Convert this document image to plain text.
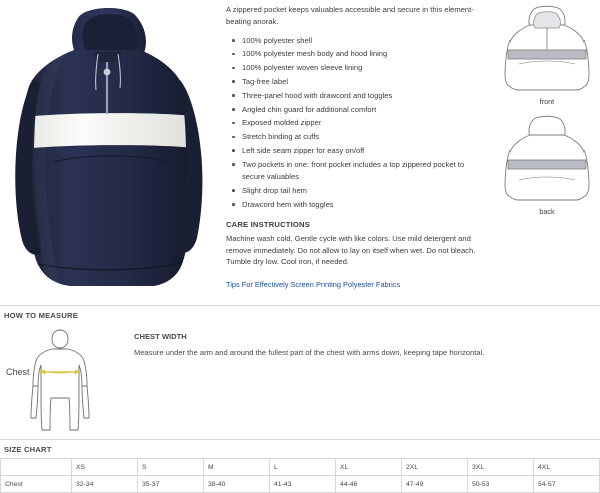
A zippered pocket keeps valuables accessible and secure in this element-beating anorak.

100% polyester shell
100% polyester mesh body and hood lining
100% polyester woven sleeve lining
Tag-free label
Three-panel hood with drawcord and toggles
Angled chin guard for additional comfort
Exposed molded zipper
Stretch binding at cuffs
Left side seam zipper for easy on/off
Two pockets in one: front pocket includes a top zippered pocket to secure valuables
Slight drop tail hem
Drawcord hem with toggles
CARE INSTRUCTIONS

Machine wash cold. Gentle cycle with like colors. Use mild detergent and remove immediately. Do not allow to lay on itself when wet. Do not bleach. Tumble dry low. Cool iron, if needed.

Tips For Effectively Screen Printing Polyester Fabrics
front
back
HOW TO MEASURE
Chest
CHEST WIDTH
Measure under the arm and around the fullest part of the chest with arms down, keeping tape horizontal.
SIZE CHART
	XS	S	M	L	XL	2XL	3XL	4XL
Chest	32-34	35-37	38-40	41-43	44-46	47-49	50-53	54-57
